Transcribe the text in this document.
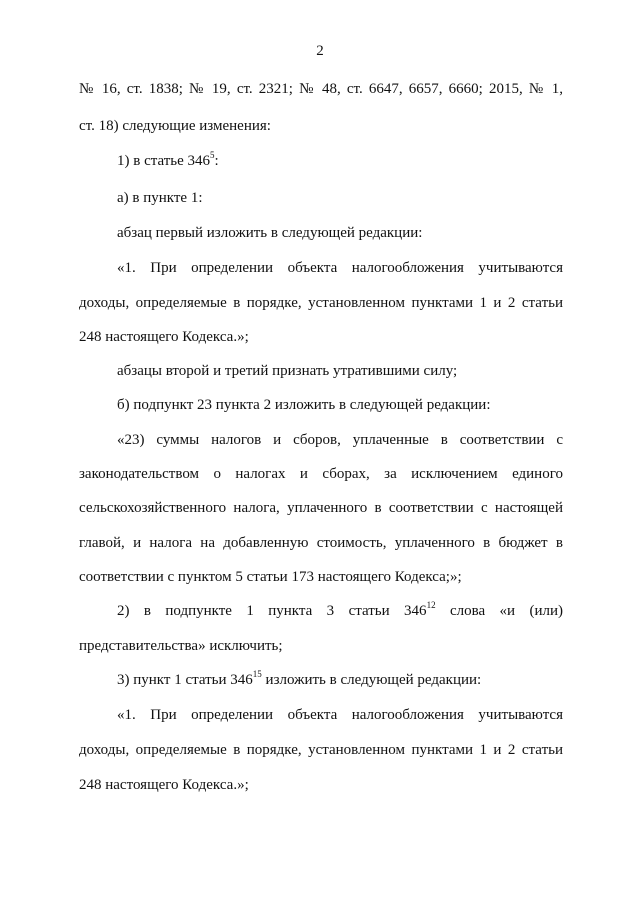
2
№ 16, ст. 1838; № 19, ст. 2321; № 48, ст. 6647, 6657, 6660; 2015, № 1,
ст. 18) следующие изменения:
1) в статье $346^5$:
а) в пункте 1:
абзац первый изложить в следующей редакции:
«1. При определении объекта налогообложения учитываются
доходы, определяемые в порядке, установленном пунктами 1 и 2 статьи
248 настоящего Кодекса.»;
абзацы второй и третий признать утратившими силу;
б) подпункт 23 пункта 2 изложить в следующей редакции:
«23) суммы налогов и сборов, уплаченные в соответствии с
законодательством о налогах и сборах, за исключением единого
сельскохозяйственного налога, уплаченного в соответствии с настоящей
главой, и налога на добавленную стоимость, уплаченного в бюджет в
соответствии с пунктом 5 статьи 173 настоящего Кодекса;»;
2) в подпункте 1 пункта 3 статьи $346^{12}$ слова «и (или)
представительства» исключить;
3) пункт 1 статьи $346^{15}$ изложить в следующей редакции:
«1. При определении объекта налогообложения учитываются
доходы, определяемые в порядке, установленном пунктами 1 и 2 статьи
248 настоящего Кодекса.»;
